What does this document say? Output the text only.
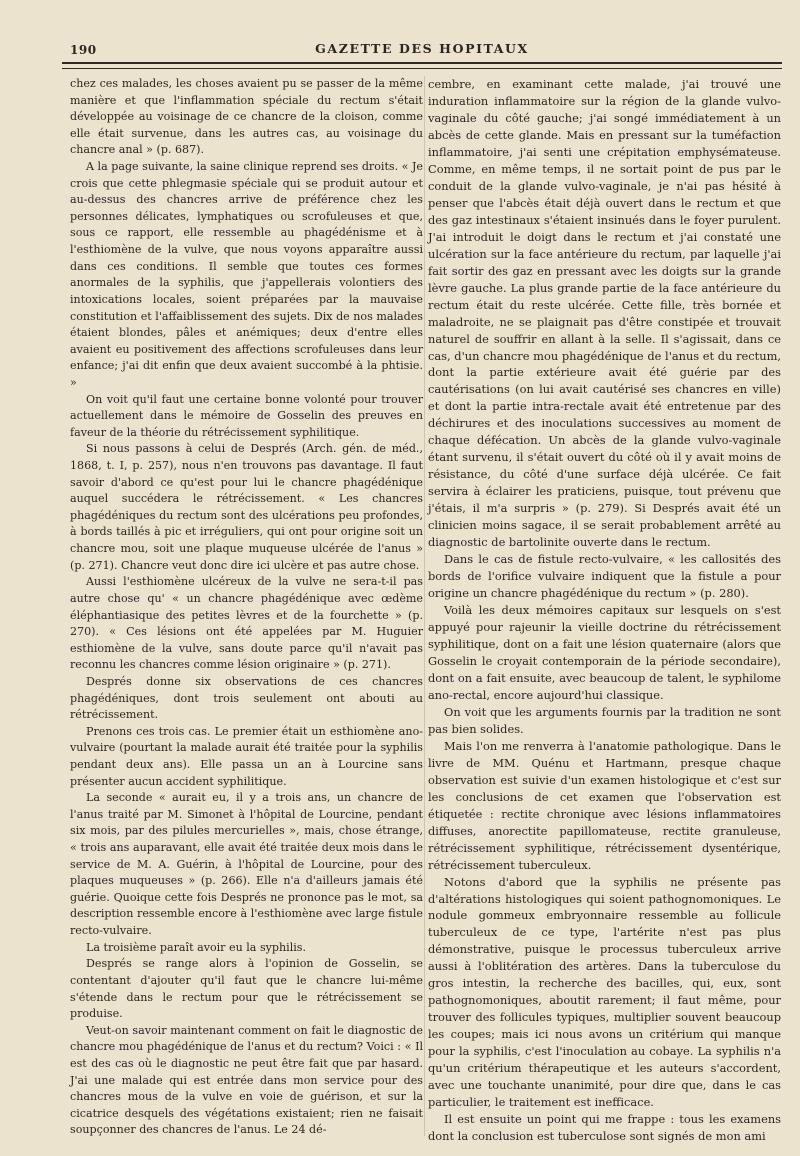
190	GAZETTE DES HOPITAUX

chez ces malades, les choses avaient pu se passer de la même manière et que l'inflammation spéciale du rectum s'était développée au voisinage de ce chancre de la cloison, comme elle était survenue, dans les autres cas, au voisinage du chancre anal » (p. 687).

A la page suivante, la saine clinique reprend ses droits. « Je crois que cette phlegmasie spéciale qui se produit autour et au-dessus des chancres arrive de préférence chez les personnes délicates, lymphatiques ou scrofuleuses et que, sous ce rapport, elle ressemble au phagédénisme et à l'esthiomène de la vulve, que nous voyons apparaître aussi dans ces conditions. Il semble que toutes ces formes anormales de la syphilis, que j'appellerais volontiers des intoxications locales, soient préparées par la mauvaise constitution et l'affaiblissement des sujets. Dix de nos malades étaient blondes, pâles et anémiques; deux d'entre elles avaient eu positivement des affections scrofuleuses dans leur enfance; j'ai dit enfin que deux avaient succombé à la phtisie. »

On voit qu'il faut une certaine bonne volonté pour trouver actuellement dans le mémoire de Gosselin des preuves en faveur de la théorie du rétrécissement syphilitique.

Si nous passons à celui de Després (Arch. gén. de méd., 1868, t. I, p. 257), nous n'en trouvons pas davantage. Il faut savoir d'abord ce qu'est pour lui le chancre phagédénique auquel succédera le rétrécissement. « Les chancres phagédéniques du rectum sont des ulcérations peu profondes, à bords taillés à pic et irréguliers, qui ont pour origine soit un chancre mou, soit une plaque muqueuse ulcérée de l'anus » (p. 271). Chancre veut donc dire ici ulcère et pas autre chose.

Aussi l'esthiomène ulcéreux de la vulve ne sera-t-il pas autre chose qu' « un chancre phagédénique avec œdème éléphantiasique des petites lèvres et de la fourchette » (p. 270). « Ces lésions ont été appelées par M. Huguier esthiomène de la vulve, sans doute parce qu'il n'avait pas reconnu les chancres comme lésion originaire » (p. 271).

Després donne six observations de ces chancres phagédéniques, dont trois seulement ont abouti au rétrécissement.

Prenons ces trois cas. Le premier était un esthiomène ano-vulvaire (pourtant la malade aurait été traitée pour la syphilis pendant deux ans). Elle passa un an à Lourcine sans présenter aucun accident syphilitique.

La seconde « aurait eu, il y a trois ans, un chancre de l'anus traité par M. Simonet à l'hôpital de Lourcine, pendant six mois, par des pilules mercurielles », mais, chose étrange, « trois ans auparavant, elle avait été traitée deux mois dans le service de M. A. Guérin, à l'hôpital de Lourcine, pour des plaques muqueuses » (p. 266). Elle n'a d'ailleurs jamais été guérie. Quoique cette fois Després ne prononce pas le mot, sa description ressemble encore à l'esthiomène avec large fistule recto-vulvaire.

La troisième paraît avoir eu la syphilis.

Després se range alors à l'opinion de Gosselin, se contentant d'ajouter qu'il faut que le chancre lui-même s'étende dans le rectum pour que le rétrécissement se produise.

Veut-on savoir maintenant comment on fait le diagnostic de chancre mou phagédénique de l'anus et du rectum? Voici : « Il est des cas où le diagnostic ne peut être fait que par hasard. J'ai une malade qui est entrée dans mon service pour des chancres mous de la vulve en voie de guérison, et sur la cicatrice desquels des végétations existaient; rien ne faisait soupçonner des chancres de l'anus. Le 24 dé-

cembre, en examinant cette malade, j'ai trouvé une induration inflammatoire sur la région de la glande vulvo-vaginale du côté gauche; j'ai songé immédiatement à un abcès de cette glande. Mais en pressant sur la tuméfaction inflammatoire, j'ai senti une crépitation emphysémateuse. Comme, en même temps, il ne sortait point de pus par le conduit de la glande vulvo-vaginale, je n'ai pas hésité à penser que l'abcès était déjà ouvert dans le rectum et que des gaz intestinaux s'étaient insinués dans le foyer purulent. J'ai introduit le doigt dans le rectum et j'ai constaté une ulcération sur la face antérieure du rectum, par laquelle j'ai fait sortir des gaz en pressant avec les doigts sur la grande lèvre gauche. La plus grande partie de la face antérieure du rectum était du reste ulcérée. Cette fille, très bornée et maladroite, ne se plaignait pas d'être constipée et trouvait naturel de souffrir en allant à la selle. Il s'agissait, dans ce cas, d'un chancre mou phagédénique de l'anus et du rectum, dont la partie extérieure avait été guérie par des cautérisations (on lui avait cautérisé ses chancres en ville) et dont la partie intra-rectale avait été entretenue par des déchirures et des inoculations successives au moment de chaque défécation. Un abcès de la glande vulvo-vaginale étant survenu, il s'était ouvert du côté où il y avait moins de résistance, du côté d'une surface déjà ulcérée. Ce fait servira à éclairer les praticiens, puisque, tout prévenu que j'étais, il m'a surpris » (p. 279). Si Després avait été un clinicien moins sagace, il se serait probablement arrêté au diagnostic de bartolinite ouverte dans le rectum.

Dans le cas de fistule recto-vulvaire, « les callosités des bords de l'orifice vulvaire indiquent que la fistule a pour origine un chancre phagédénique du rectum » (p. 280).

Voilà les deux mémoires capitaux sur lesquels on s'est appuyé pour rajeunir la vieille doctrine du rétrécissement syphilitique, dont on a fait une lésion quaternaire (alors que Gosselin le croyait contemporain de la période secondaire), dont on a fait ensuite, avec beaucoup de talent, le syphilome ano-rectal, encore aujourd'hui classique.

On voit que les arguments fournis par la tradition ne sont pas bien solides.

Mais l'on me renverra à l'anatomie pathologique. Dans le livre de MM. Quénu et Hartmann, presque chaque observation est suivie d'un examen histologique et c'est sur les conclusions de cet examen que l'observation est étiquetée : rectite chronique avec lésions inflammatoires diffuses, anorectite papillomateuse, rectite granuleuse, rétrécissement syphilitique, rétrécissement dysentérique, rétrécissement tuberculeux.

Notons d'abord que la syphilis ne présente pas d'altérations histologiques qui soient pathognomoniques. Le nodule gommeux embryonnaire ressemble au follicule tuberculeux de ce type, l'artérite n'est pas plus démonstrative, puisque le processus tuberculeux arrive aussi à l'oblitération des artères. Dans la tuberculose du gros intestin, la recherche des bacilles, qui, eux, sont pathognomoniques, aboutit rarement; il faut même, pour trouver des follicules typiques, multiplier souvent beaucoup les coupes; mais ici nous avons un critérium qui manque pour la syphilis, c'est l'inoculation au cobaye. La syphilis n'a qu'un critérium thérapeutique et les auteurs s'accordent, avec une touchante unanimité, pour dire que, dans le cas particulier, le traitement est inefficace.

Il est ensuite un point qui me frappe : tous les examens dont la conclusion est tuberculose sont signés de mon ami
